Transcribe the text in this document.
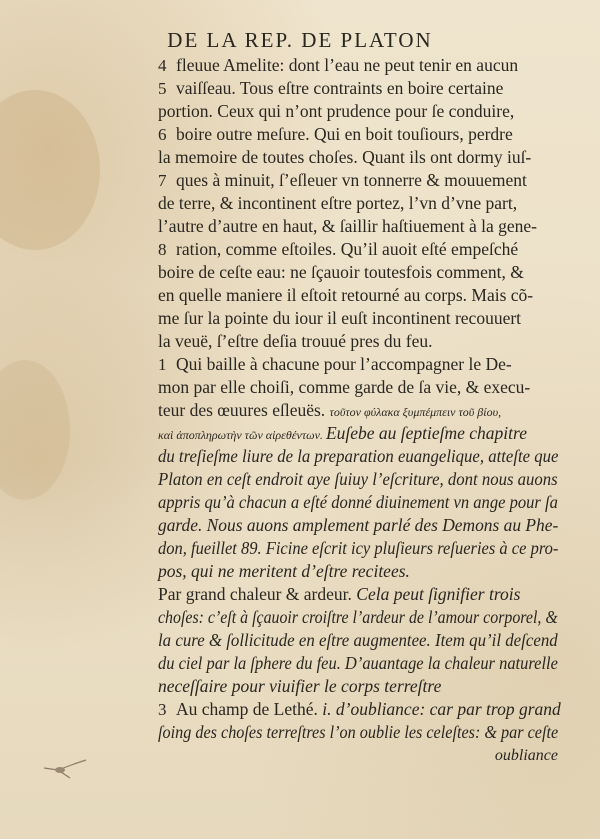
DE LA REP. DE PLATON
4 fleuue Amelite: dont l’eau ne peut tenir en aucun
5 vaiſſeau. Tous eſtre contraints en boire certaine
portion. Ceux qui n’ont prudence pour ſe conduire,
6 boire outre meſure. Qui en boit touſiours, perdre
la memoire de toutes choſes. Quant ils ont dormy iuſ-
7 ques à minuit, ſ’eſleuer vn tonnerre & mouuement
de terre, & incontinent eſtre portez, l’vn d’vne part,
l’autre d’autre en haut, & ſaillir haſtiuement à la gene-
8 ration, comme eſtoiles. Qu’il auoit eſté empeſché
boire de ceſte eau: ne ſçauoir toutesfois comment, &
en quelle maniere il eſtoit retourné au corps. Mais cõ-
me ſur la pointe du iour il euſt incontinent recouuert
la veuë, ſ’eſtre deſia trouué pres du feu.
1 Qui baille à chacune pour l’accompagner le De-
mon par elle choiſi, comme garde de ſa vie, & execu-
teur des œuures eſleuës. τοῦτον φύλακα ξυμπέμπειν τοῦ βίου,
καὶ ἀποπληρωτὴν τῶν αἱρεθέντων. Euſebe au ſeptieſme chapitre
du treſieſme liure de la preparation euangelique, atteſte que
Platon en ceſt endroit aye ſuiuy l’eſcriture, dont nous auons
appris qu’à chacun a eſté donné diuinement vn ange pour ſa
garde. Nous auons amplement parlé des Demons au Phe-
don, fueillet 89. Ficine eſcrit icy pluſieurs reſueries à ce pro-
pos, qui ne meritent d’eſtre recitees.
Par grand chaleur & ardeur. Cela peut ſignifier trois
choſes: c’eſt à ſçauoir croiſtre l’ardeur de l’amour corporel, &
la cure & ſollicitude en eſtre augmentee. Item qu’il deſcend
du ciel par la ſphere du feu. D’auantage la chaleur naturelle
neceſſaire pour viuifier le corps terreſtre
3 Au champ de Lethé. i. d’oubliance: car par trop grand
ſoing des choſes terreſtres l’on oublie les celeſtes: & par ceſte
oubliance
